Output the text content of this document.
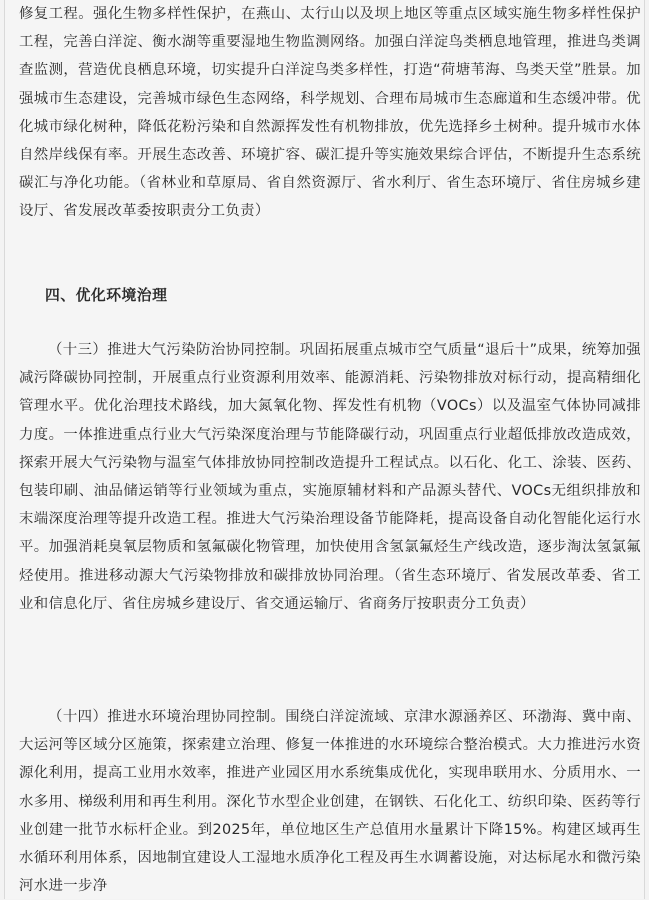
修复工程。强化生物多样性保护，在燕山、太行山以及坝上地区等重点区域实施生物多样性保护工程，完善白洋淀、衡水湖等重要湿地生物监测网络。加强白洋淀鸟类栖息地管理，推进鸟类调查监测，营造优良栖息环境，切实提升白洋淀鸟类多样性，打造“荷塘苇海、鸟类天堂”胜景。加强城市生态建设，完善城市绿色生态网络，科学规划、合理布局城市生态廊道和生态缓冲带。优化城市绿化树种，降低花粉污染和自然源挥发性有机物排放，优先选择乡土树种。提升城市水体自然岸线保有率。开展生态改善、环境扩容、碳汇提升等实施效果综合评估，不断提升生态系统碳汇与净化功能。（省林业和草原局、省自然资源厅、省水利厅、省生态环境厅、省住房城乡建设厅、省发展改革委按职责分工负责）
四、优化环境治理
（十三）推进大气污染防治协同控制。巩固拓展重点城市空气质量“退后十”成果，统筹加强减污降碳协同控制，开展重点行业资源利用效率、能源消耗、污染物排放对标行动，提高精细化管理水平。优化治理技术路线，加大氮氧化物、挥发性有机物（VOCs）以及温室气体协同减排力度。一体推进重点行业大气污染深度治理与节能降碳行动，巩固重点行业超低排放改造成效，探索开展大气污染物与温室气体排放协同控制改造提升工程试点。以石化、化工、涂装、医药、包装印刷、油品储运销等行业领域为重点，实施原辅材料和产品源头替代、VOCs无组织排放和末端深度治理等提升改造工程。推进大气污染治理设备节能降耗，提高设备自动化智能化运行水平。加强消耗臭氧层物质和氢氟碳化物管理，加快使用含氢氯氟烃生产线改造，逐步淘汰氢氯氟烃使用。推进移动源大气污染物排放和碳排放协同治理。（省生态环境厅、省发展改革委、省工业和信息化厅、省住房城乡建设厅、省交通运输厅、省商务厅按职责分工负责）
（十四）推进水环境治理协同控制。围绕白洋淀流域、京津水源涵养区、环渤海、冀中南、大运河等区域分区施策，探索建立治理、修复一体推进的水环境综合整治模式。大力推进污水资源化利用，提高工业用水效率，推进产业园区用水系统集成优化，实现串联用水、分质用水、一水多用、梯级利用和再生利用。深化节水型企业创建，在钢铁、石化化工、纺织印染、医药等行业创建一批节水标杆企业。到2025年，单位地区生产总值用水量累计下降15%。构建区域再生水循环利用体系，因地制宜建设人工湿地水质净化工程及再生水调蓄设施，对达标尾水和微污染河水进一步净
